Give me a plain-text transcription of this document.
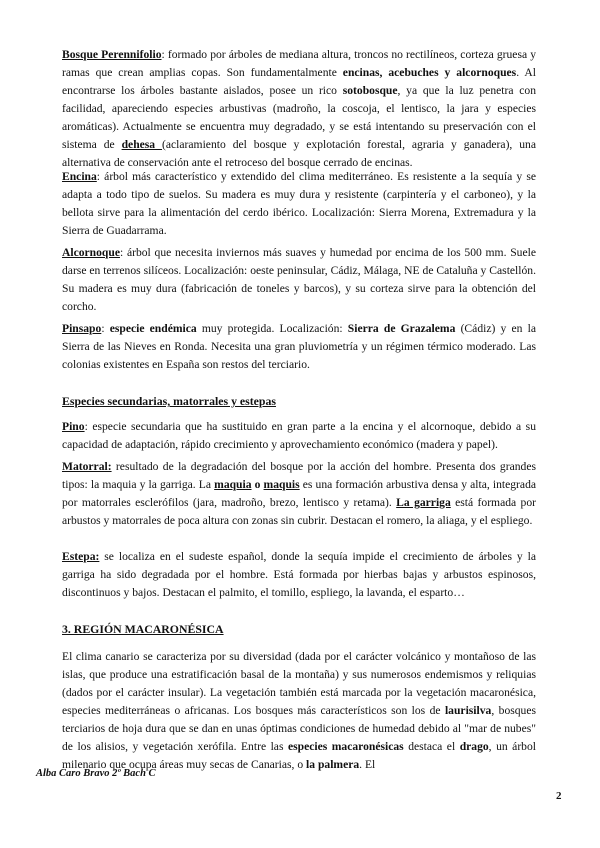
Bosque Perennifolio: formado por árboles de mediana altura, troncos no rectilíneos, corteza gruesa y ramas que crean amplias copas. Son fundamentalmente encinas, acebuches y alcornoques. Al encontrarse los árboles bastante aislados, posee un rico sotobosque, ya que la luz penetra con facilidad, apareciendo especies arbustivas (madroño, la coscoja, el lentisco, la jara y especies aromáticas). Actualmente se encuentra muy degradado, y se está intentando su preservación con el sistema de dehesa (aclaramiento del bosque y explotación forestal, agraria y ganadera), una alternativa de conservación ante el retroceso del bosque cerrado de encinas.

Encina: árbol más característico y extendido del clima mediterráneo. Es resistente a la sequía y se adapta a todo tipo de suelos. Su madera es muy dura y resistente (carpintería y el carboneo), y la bellota sirve para la alimentación del cerdo ibérico. Localización: Sierra Morena, Extremadura y la Sierra de Guadarrama.

Alcornoque: árbol que necesita inviernos más suaves y humedad por encima de los 500 mm. Suele darse en terrenos silíceos. Localización: oeste peninsular, Cádiz, Málaga, NE de Cataluña y Castellón. Su madera es muy dura (fabricación de toneles y barcos), y su corteza sirve para la obtención del corcho.

Pinsapo: especie endémica muy protegida. Localización: Sierra de Grazalema (Cádiz) y en la Sierra de las Nieves en Ronda. Necesita una gran pluviometría y un régimen térmico moderado. Las colonias existentes en España son restos del terciario.

Especies secundarias, matorrales y estepas

Pino: especie secundaria que ha sustituido en gran parte a la encina y el alcornoque, debido a su capacidad de adaptación, rápido crecimiento y aprovechamiento económico (madera y papel).

Matorral: resultado de la degradación del bosque por la acción del hombre. Presenta dos grandes tipos: la maquia y la garriga. La maquia o maquis es una formación arbustiva densa y alta, integrada por matorrales esclerófilos (jara, madroño, brezo, lentisco y retama). La garriga está formada por arbustos y matorrales de poca altura con zonas sin cubrir. Destacan el romero, la aliaga, y el espliego.

Estepa: se localiza en el sudeste español, donde la sequía impide el crecimiento de árboles y la garriga ha sido degradada por el hombre. Está formada por hierbas bajas y arbustos espinosos, discontinuos y bajos. Destacan el palmito, el tomillo, espliego, la lavanda, el esparto…

3. REGIÓN MACARONÉSICA

El clima canario se caracteriza por su diversidad (dada por el carácter volcánico y montañoso de las islas, que produce una estratificación basal de la montaña) y sus numerosos endemismos y reliquias (dados por el carácter insular). La vegetación también está marcada por la vegetación macaronésica, especies mediterráneas o africanas. Los bosques más característicos son los de laurisilva, bosques terciarios de hoja dura que se dan en unas óptimas condiciones de humedad debido al "mar de nubes" de los alisios, y vegetación xerófila. Entre las especies macaronésicas destaca el drago, un árbol milenario que ocupa áreas muy secas de Canarias, o la palmera. El

Alba Caro Bravo 2º Bach C

2
